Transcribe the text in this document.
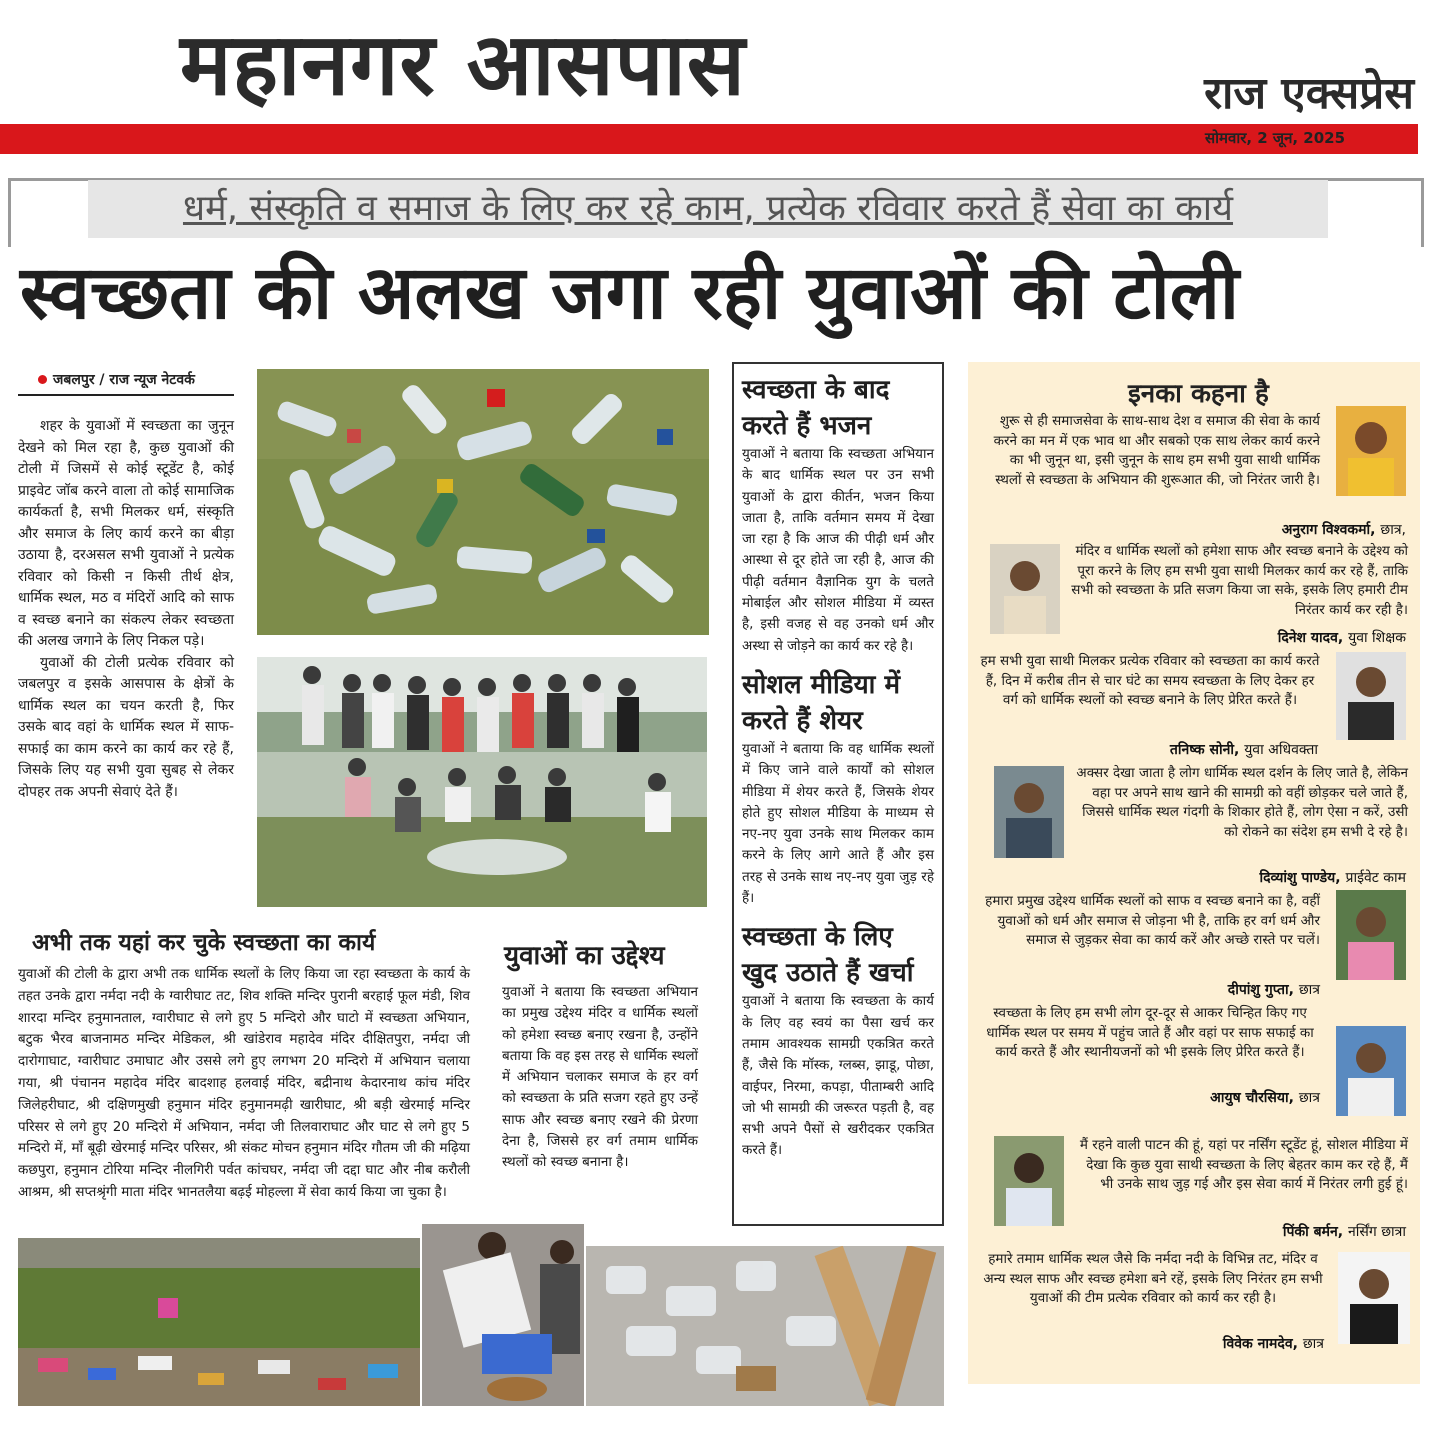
महानगर आसपास	राज एक्सप्रेस
सोमवार, 2 जून, 2025
धर्म, संस्कृति व समाज के लिए कर रहे काम, प्रत्येक रविवार करते हैं सेवा का कार्य
स्वच्छता की अलख जगा रही युवाओं की टोली
जबलपुर / राज न्यूज नेटवर्क
शहर के युवाओं में स्वच्छता का जुनून देखने को मिल रहा है, कुछ युवाओं की टोली में जिसमें से कोई स्टूडेंट है, कोई प्राइवेट जॉब करने वाला तो कोई सामाजिक कार्यकर्ता है, सभी मिलकर धर्म, संस्कृति और समाज के लिए कार्य करने का बीड़ा उठाया है, दरअसल सभी युवाओं ने प्रत्येक रविवार को किसी न किसी तीर्थ क्षेत्र, धार्मिक स्थल, मठ व मंदिरों आदि को साफ व स्वच्छ बनाने का संकल्प लेकर स्वच्छता की अलख जगाने के लिए निकल पड़े।
युवाओं की टोली प्रत्येक रविवार को जबलपुर व इसके आसपास के क्षेत्रों के धार्मिक स्थल का चयन करती है, फिर उसके बाद वहां के धार्मिक स्थल में साफ-सफाई का काम करने का कार्य कर रहे हैं, जिसके लिए यह सभी युवा सुबह से लेकर दोपहर तक अपनी सेवाएं देते हैं।
स्वच्छता के बाद करते हैं भजन
युवाओं ने बताया कि स्वच्छता अभियान के बाद धार्मिक स्थल पर उन सभी युवाओं के द्वारा कीर्तन, भजन किया जाता है, ताकि वर्तमान समय में देखा जा रहा है कि आज की पीढ़ी धर्म और आस्था से दूर होते जा रही है, आज की पीढ़ी वर्तमान वैज्ञानिक युग के चलते मोबाईल और सोशल मीडिया में व्यस्त है, इसी वजह से वह उनको धर्म और अस्था से जोड़ने का कार्य कर रहे है।
सोशल मीडिया में करते हैं शेयर
युवाओं ने बताया कि वह धार्मिक स्थलों में किए जाने वाले कार्यों को सोशल मीडिया में शेयर करते हैं, जिसके शेयर होते हुए सोशल मीडिया के माध्यम से नए-नए युवा उनके साथ मिलकर काम करने के लिए आगे आते हैं और इस तरह से उनके साथ नए-नए युवा जुड़ रहे हैं।
स्वच्छता के लिए खुद उठाते हैं खर्चा
युवाओं ने बताया कि स्वच्छता के कार्य के लिए वह स्वयं का पैसा खर्च कर तमाम आवश्यक सामग्री एकत्रित करते हैं, जैसे कि मॉस्क, ग्लब्स, झाडू, पोछा, वाईपर, निरमा, कपड़ा, पीताम्बरी आदि जो भी सामग्री की जरूरत पड़ती है, वह सभी अपने पैसों से खरीदकर एकत्रित करते हैं।
अभी तक यहां कर चुके स्वच्छता का कार्य
युवाओं की टोली के द्वारा अभी तक धार्मिक स्थलों के लिए किया जा रहा स्वच्छता के कार्य के तहत उनके द्वारा नर्मदा नदी के ग्वारीघाट तट, शिव शक्ति मन्दिर पुरानी बरहाई फूल मंडी, शिव शारदा मन्दिर हनुमानताल, ग्वारीघाट से लगे हुए 5 मन्दिरो और घाटो में स्वच्छता अभियान, बटुक भैरव बाजनामठ मन्दिर मेडिकल, श्री खांडेराव महादेव मंदिर दीक्षितपुरा, नर्मदा जी दारोगाघाट, ग्वारीघाट उमाघाट और उससे लगे हुए लगभग 20 मन्दिरो में अभियान चलाया गया, श्री पंचानन महादेव मंदिर बादशाह हलवाई मंदिर, बद्रीनाथ केदारनाथ कांच मंदिर जिलेहरीघाट, श्री दक्षिणमुखी हनुमान मंदिर हनुमानमढ़ी खारीघाट, श्री बड़ी खेरमाई मन्दिर परिसर से लगे हुए 20 मन्दिरो में अभियान, नर्मदा जी तिलवाराघाट और घाट से लगे हुए 5 मन्दिरो में, माँ बूढ़ी खेरमाई मन्दिर परिसर, श्री संकट मोचन हनुमान मंदिर गौतम जी की मढ़िया कछपुरा, हनुमान टोरिया मन्दिर नीलगिरी पर्वत कांचघर, नर्मदा जी दद्दा घाट और नीब करौली आश्रम, श्री सप्तश्रृंगी माता मंदिर भानतलैया बढ़ई मोहल्ला में सेवा कार्य किया जा चुका है।
युवाओं का उद्देश्य
युवाओं ने बताया कि स्वच्छता अभियान का प्रमुख उद्देश्य मंदिर व धार्मिक स्थलों को हमेशा स्वच्छ बनाए रखना है, उन्होंने बताया कि वह इस तरह से धार्मिक स्थलों में अभियान चलाकर समाज के हर वर्ग को स्वच्छता के प्रति सजग रहते हुए उन्हें साफ और स्वच्छ बनाए रखने की प्रेरणा देना है, जिससे हर वर्ग तमाम धार्मिक स्थलों को स्वच्छ बनाना है।
इनका कहना है
शुरू से ही समाजसेवा के साथ-साथ देश व समाज की सेवा के कार्य करने का मन में एक भाव था और सबको एक साथ लेकर कार्य करने का भी जुनून था, इसी जुनून के साथ हम सभी युवा साथी धार्मिक स्थलों से स्वच्छता के अभियान की शुरूआत की, जो निरंतर जारी है।
अनुराग विश्वकर्मा, छात्र,
मंदिर व धार्मिक स्थलों को हमेशा साफ और स्वच्छ बनाने के उद्देश्य को पूरा करने के लिए हम सभी युवा साथी मिलकर कार्य कर रहे हैं, ताकि सभी को स्वच्छता के प्रति सजग किया जा सके, इसके लिए हमारी टीम निरंतर कार्य कर रही है।
दिनेश यादव, युवा शिक्षक
हम सभी युवा साथी मिलकर प्रत्येक रविवार को स्वच्छता का कार्य करते हैं, दिन में करीब तीन से चार घंटे का समय स्वच्छता के लिए देकर हर वर्ग को धार्मिक स्थलों को स्वच्छ बनाने के लिए प्रेरित करते हैं।
तनिष्क सोनी, युवा अधिवक्ता
अक्सर देखा जाता है लोग धार्मिक स्थल दर्शन के लिए जाते है, लेकिन वहा पर अपने साथ खाने की सामग्री को वहीं छोड़कर चले जाते हैं, जिससे धार्मिक स्थल गंदगी के शिकार होते हैं, लोग ऐसा न करें, उसी को रोकने का संदेश हम सभी दे रहे है।
दिव्यांशु पाण्डेय, प्राईवेट काम
हमारा प्रमुख उद्देश्य धार्मिक स्थलों को साफ व स्वच्छ बनाने का है, वहीं युवाओं को धर्म और समाज से जोड़ना भी है, ताकि हर वर्ग धर्म और समाज से जुड़कर सेवा का कार्य करें और अच्छे रास्ते पर चलें।
दीपांशु गुप्ता, छात्र
स्वच्छता के लिए हम सभी लोग दूर-दूर से आकर चिन्हित किए गए धार्मिक स्थल पर समय में पहुंच जाते हैं और वहां पर साफ सफाई का कार्य करते हैं और स्थानीयजनों को भी इसके लिए प्रेरित करते हैं।
आयुष चौरसिया, छात्र
मैं रहने वाली पाटन की हूं, यहां पर नर्सिंग स्टूडेंट हूं, सोशल मीडिया में देखा कि कुछ युवा साथी स्वच्छता के लिए बेहतर काम कर रहे हैं, मैं भी उनके साथ जुड़ गई और इस सेवा कार्य में निरंतर लगी हुई हूं।
पिंकी बर्मन, नर्सिंग छात्रा
हमारे तमाम धार्मिक स्थल जैसे कि नर्मदा नदी के विभिन्न तट, मंदिर व अन्य स्थल साफ और स्वच्छ हमेशा बने रहें, इसके लिए निरंतर हम सभी युवाओं की टीम प्रत्येक रविवार को कार्य कर रही है।
विवेक नामदेव, छात्र
